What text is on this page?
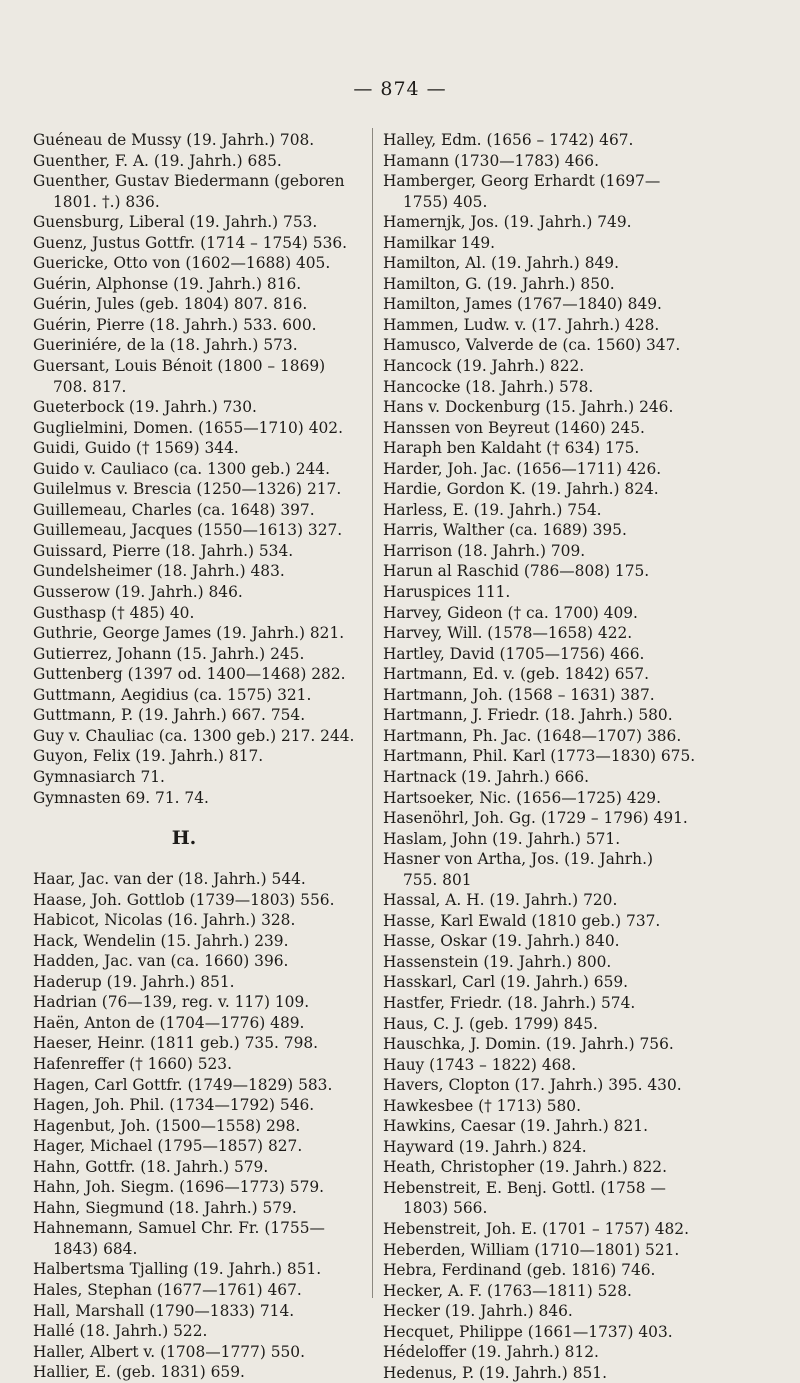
— 874 —
Guéneau de Mussy (19. Jahrh.) 708.
Guenther, F. A. (19. Jahrh.) 685.
Guenther, Gustav Biedermann (geboren
1801. †.) 836.
Guensburg, Liberal (19. Jahrh.) 753.
Guenz, Justus Gottfr. (1714 – 1754) 536.
Guericke, Otto von (1602—1688) 405.
Guérin, Alphonse (19. Jahrh.) 816.
Guérin, Jules (geb. 1804) 807. 816.
Guérin, Pierre (18. Jahrh.) 533. 600.
Gueriniére, de la (18. Jahrh.) 573.
Guersant, Louis Bénoit (1800 – 1869)
708. 817.
Gueterbock (19. Jahrh.) 730.
Guglielmini, Domen. (1655—1710) 402.
Guidi, Guido († 1569) 344.
Guido v. Cauliaco (ca. 1300 geb.) 244.
Guilelmus v. Brescia (1250—1326) 217.
Guillemeau, Charles (ca. 1648) 397.
Guillemeau, Jacques (1550—1613) 327.
Guissard, Pierre (18. Jahrh.) 534.
Gundelsheimer (18. Jahrh.) 483.
Gusserow (19. Jahrh.) 846.
Gusthasp († 485) 40.
Guthrie, George James (19. Jahrh.) 821.
Gutierrez, Johann (15. Jahrh.) 245.
Guttenberg (1397 od. 1400—1468) 282.
Guttmann, Aegidius (ca. 1575) 321.
Guttmann, P. (19. Jahrh.) 667. 754.
Guy v. Chauliac (ca. 1300 geb.) 217. 244.
Guyon, Felix (19. Jahrh.) 817.
Gymnasiarch 71.
Gymnasten 69. 71. 74.
H.
Haar, Jac. van der (18. Jahrh.) 544.
Haase, Joh. Gottlob (1739—1803) 556.
Habicot, Nicolas (16. Jahrh.) 328.
Hack, Wendelin (15. Jahrh.) 239.
Hadden, Jac. van (ca. 1660) 396.
Haderup (19. Jahrh.) 851.
Hadrian (76—139, reg. v. 117) 109.
Haën, Anton de (1704—1776) 489.
Haeser, Heinr. (1811 geb.) 735. 798.
Hafenreffer († 1660) 523.
Hagen, Carl Gottfr. (1749—1829) 583.
Hagen, Joh. Phil. (1734—1792) 546.
Hagenbut, Joh. (1500—1558) 298.
Hager, Michael (1795—1857) 827.
Hahn, Gottfr. (18. Jahrh.) 579.
Hahn, Joh. Siegm. (1696—1773) 579.
Hahn, Siegmund (18. Jahrh.) 579.
Hahnemann, Samuel Chr. Fr. (1755—
1843) 684.
Halbertsma Tjalling (19. Jahrh.) 851.
Hales, Stephan (1677—1761) 467.
Hall, Marshall (1790—1833) 714.
Hallé (18. Jahrh.) 522.
Haller, Albert v. (1708—1777) 550.
Hallier, E. (geb. 1831) 659.
Halley, Edm. (1656 – 1742) 467.
Hamann (1730—1783) 466.
Hamberger, Georg Erhardt (1697—
1755) 405.
Hamernjk, Jos. (19. Jahrh.) 749.
Hamilkar 149.
Hamilton, Al. (19. Jahrh.) 849.
Hamilton, G. (19. Jahrh.) 850.
Hamilton, James (1767—1840) 849.
Hammen, Ludw. v. (17. Jahrh.) 428.
Hamusco, Valverde de (ca. 1560) 347.
Hancock (19. Jahrh.) 822.
Hancocke (18. Jahrh.) 578.
Hans v. Dockenburg (15. Jahrh.) 246.
Hanssen von Beyreut (1460) 245.
Haraph ben Kaldaht († 634) 175.
Harder, Joh. Jac. (1656—1711) 426.
Hardie, Gordon K. (19. Jahrh.) 824.
Harless, E. (19. Jahrh.) 754.
Harris, Walther (ca. 1689) 395.
Harrison (18. Jahrh.) 709.
Harun al Raschid (786—808) 175.
Haruspices 111.
Harvey, Gideon († ca. 1700) 409.
Harvey, Will. (1578—1658) 422.
Hartley, David (1705—1756) 466.
Hartmann, Ed. v. (geb. 1842) 657.
Hartmann, Joh. (1568 – 1631) 387.
Hartmann, J. Friedr. (18. Jahrh.) 580.
Hartmann, Ph. Jac. (1648—1707) 386.
Hartmann, Phil. Karl (1773—1830) 675.
Hartnack (19. Jahrh.) 666.
Hartsoeker, Nic. (1656—1725) 429.
Hasenöhrl, Joh. Gg. (1729 – 1796) 491.
Haslam, John (19. Jahrh.) 571.
Hasner von Artha, Jos. (19. Jahrh.)
755. 801
Hassal, A. H. (19. Jahrh.) 720.
Hasse, Karl Ewald (1810 geb.) 737.
Hasse, Oskar (19. Jahrh.) 840.
Hassenstein (19. Jahrh.) 800.
Hasskarl, Carl (19. Jahrh.) 659.
Hastfer, Friedr. (18. Jahrh.) 574.
Haus, C. J. (geb. 1799) 845.
Hauschka, J. Domin. (19. Jahrh.) 756.
Hauy (1743 – 1822) 468.
Havers, Clopton (17. Jahrh.) 395. 430.
Hawkesbee († 1713) 580.
Hawkins, Caesar (19. Jahrh.) 821.
Hayward (19. Jahrh.) 824.
Heath, Christopher (19. Jahrh.) 822.
Hebenstreit, E. Benj. Gottl. (1758 —
1803) 566.
Hebenstreit, Joh. E. (1701 – 1757) 482.
Heberden, William (1710—1801) 521.
Hebra, Ferdinand (geb. 1816) 746.
Hecker, A. F. (1763—1811) 528.
Hecker (19. Jahrh.) 846.
Hecquet, Philippe (1661—1737) 403.
Hédeloffer (19. Jahrh.) 812.
Hedenus, P. (19. Jahrh.) 851.
